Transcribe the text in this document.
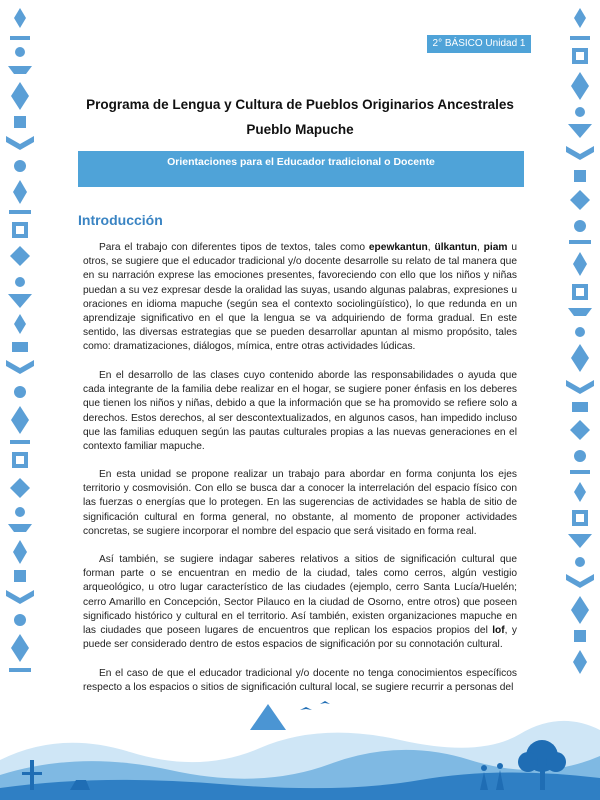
2° BÁSICO Unidad 1
Programa de Lengua y Cultura de Pueblos Originarios Ancestrales
Pueblo Mapuche
Orientaciones para el Educador tradicional o Docente
Introducción

Para el trabajo con diferentes tipos de textos, tales como epewkantun, ülkantun, piam u otros, se sugiere que el educador tradicional y/o docente desarrolle su relato de tal manera que en su narración exprese las emociones presentes, favoreciendo con ello que los niños y niñas puedan a su vez expresar desde la oralidad las suyas, usando algunas palabras, expresiones u oraciones en idioma mapuche (según sea el contexto sociolingüístico), lo que redunda en un aprendizaje significativo en el que la lengua se va adquiriendo de forma gradual. En este sentido, las diversas estrategias que se pueden desarrollar apuntan al mismo propósito, tales como: dramatizaciones, diálogos, mímica, entre otras actividades lúdicas.

En el desarrollo de las clases cuyo contenido aborde las responsabilidades o ayuda que cada integrante de la familia debe realizar en el hogar, se sugiere poner énfasis en los deberes que tienen los niños y niñas, debido a que la información que se ha promovido se refiere solo a derechos. Estos derechos, al ser descontextualizados, en algunos casos, han impedido incluso que las familias eduquen según las pautas culturales propias a las nuevas generaciones en el contexto familiar mapuche.

En esta unidad se propone realizar un trabajo para abordar en forma conjunta los ejes territorio y cosmovisión. Con ello se busca dar a conocer la interrelación del espacio físico con las fuerzas o energías que lo protegen. En las sugerencias de actividades se habla de sitio de significación cultural en forma general, no obstante, al momento de proponer actividades concretas, se sugiere incorporar el nombre del espacio que será visitado en forma real.

Así también, se sugiere indagar saberes relativos a sitios de significación cultural que forman parte o se encuentran en medio de la ciudad, tales como cerros, algún vestigio arqueológico, u otro lugar característico de las ciudades (ejemplo, cerro Santa Lucía/Huelén; cerro Amarillo en Concepción, Sector Pilauco en la ciudad de Osorno, entre otros) que poseen significado histórico y cultural en el territorio. Así también, existen organizaciones mapuche en las ciudades que poseen lugares de encuentros que replican los espacios propios del lof, y puede ser considerado dentro de estos espacios de significación por su connotación cultural.

En el caso de que el educador tradicional y/o docente no tenga conocimientos específicos respecto a los espacios o sitios de significación cultural local, se sugiere recurrir a personas del
